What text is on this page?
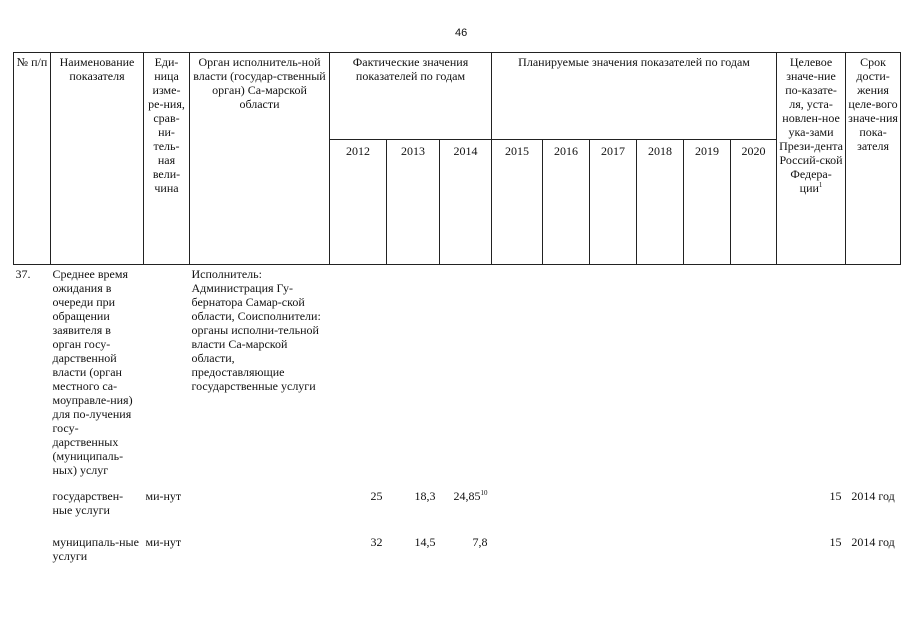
46
№ п/п	Наименование показателя	Еди-ница изме-ре-ния, срав-ни-тель-ная вели-чина	Орган исполнитель-ной власти (государ-ственный орган) Са-марской области	Фактические значения показателей по годам			Планируемые значения показателей по годам						Целевое значе-ние по-казате-ля, уста-новлен-ное ука-зами Прези-дента Россий-ской Федера-ции$^1$	Срок дости-жения целе-вого значе-ния пока-зателя
				2012	2013	2014	2015	2016	2017	2018	2019	2020		
37.	Среднее время ожидания в очереди при обращении заявителя в орган госу-дарственной власти (орган местного са-моуправле-ния) для по-лучения госу-дарственных (муниципаль-ных) услуг		Исполнитель: Администрация Гу-бернатора Самар-ской области, Соисполнители: органы исполни-тельной власти Са-марской области, предоставляющие государственные услуги											
	государствен-ные услуги	ми-нут		25	18,3	24,85$^{10}$							15	2014 год
	муниципаль-ные услуги	ми-нут		32	14,5	7,8							15	2014 год
